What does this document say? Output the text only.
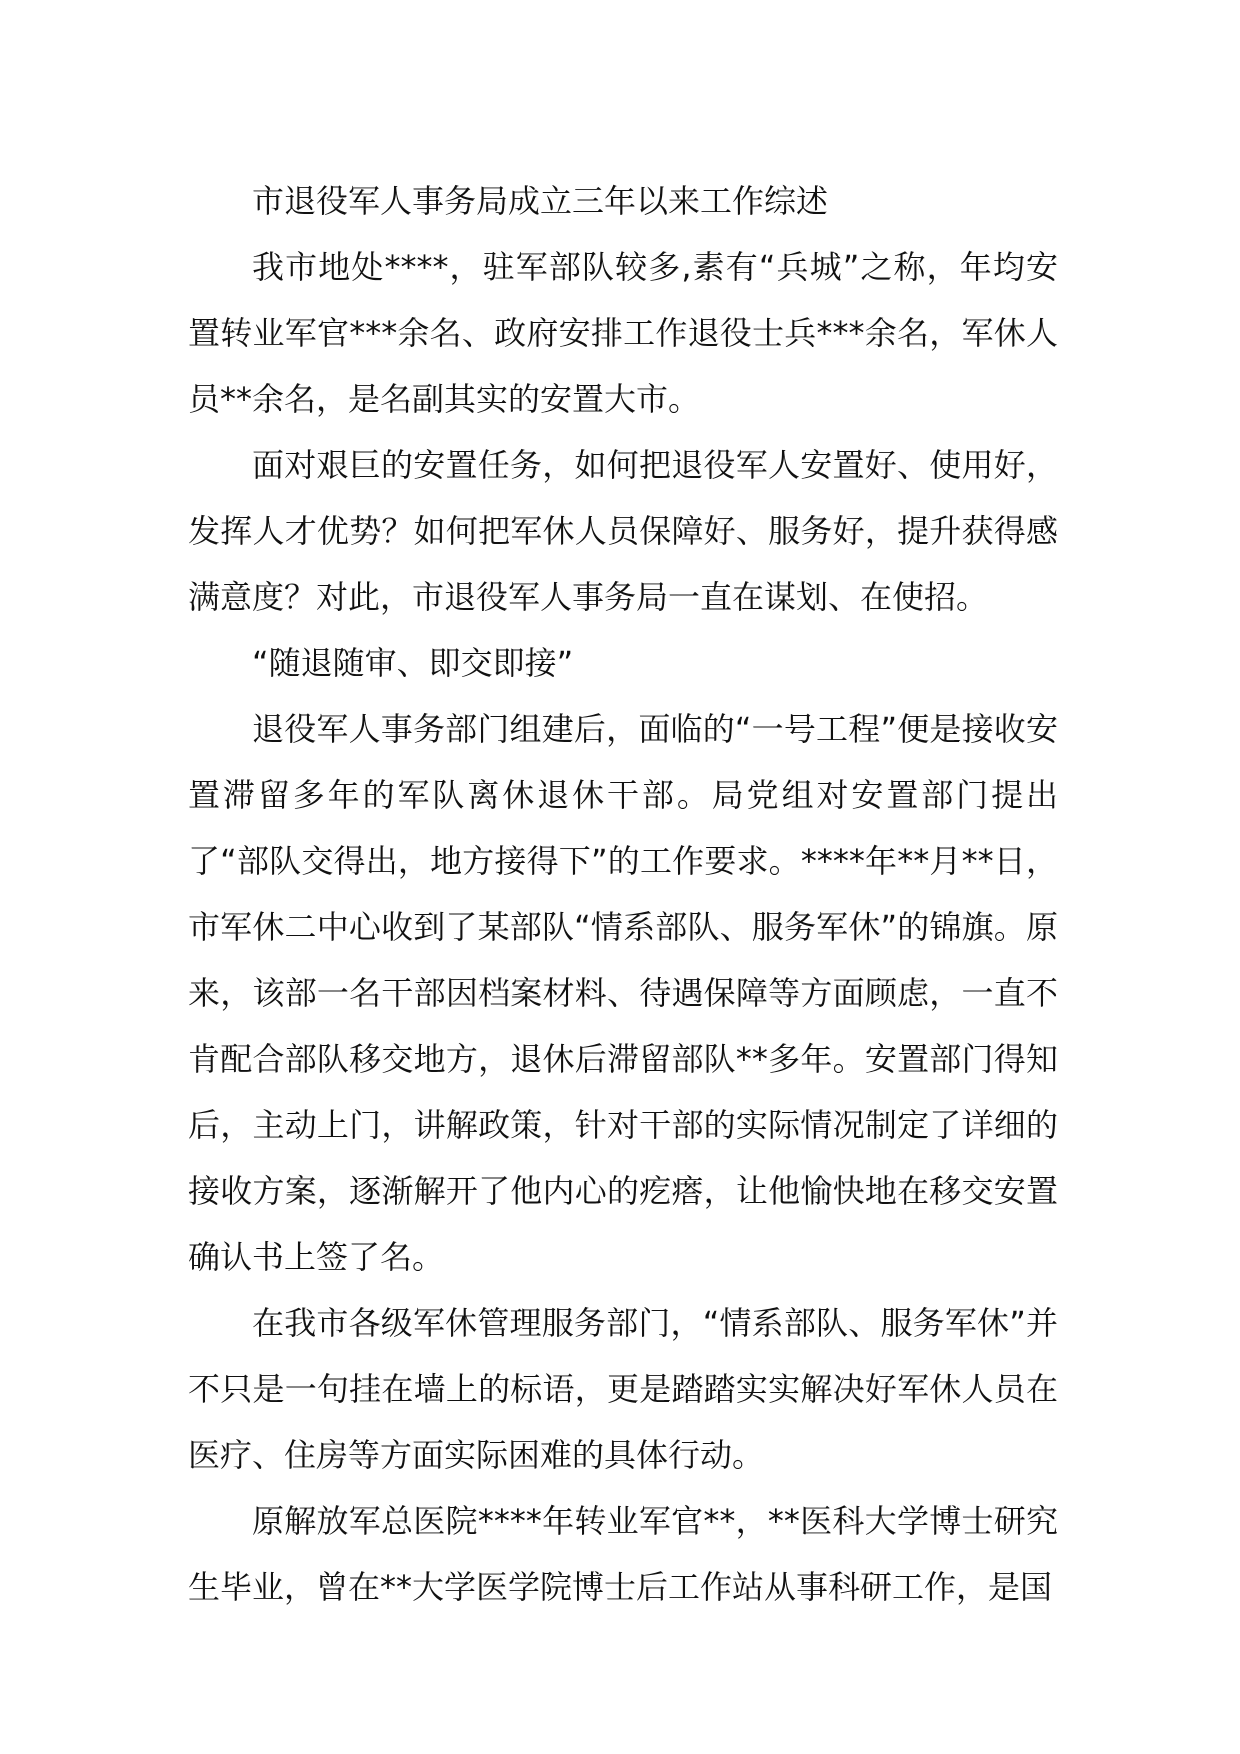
市退役军人事务局成立三年以来工作综述

我市地处****，驻军部队较多,素有“兵城”之称，年均安置转业军官***余名、政府安排工作退役士兵***余名，军休人员**余名，是名副其实的安置大市。

面对艰巨的安置任务，如何把退役军人安置好、使用好，发挥人才优势？如何把军休人员保障好、服务好，提升获得感满意度？对此，市退役军人事务局一直在谋划、在使招。

“随退随审、即交即接”

退役军人事务部门组建后，面临的“一号工程”便是接收安置滞留多年的军队离休退休干部。局党组对安置部门提出了“部队交得出，地方接得下”的工作要求。****年**月**日，市军休二中心收到了某部队“情系部队、服务军休”的锦旗。原来，该部一名干部因档案材料、待遇保障等方面顾虑，一直不肯配合部队移交地方，退休后滞留部队**多年。安置部门得知后，主动上门，讲解政策，针对干部的实际情况制定了详细的接收方案，逐渐解开了他内心的疙瘩，让他愉快地在移交安置确认书上签了名。

在我市各级军休管理服务部门，“情系部队、服务军休”并不只是一句挂在墙上的标语，更是踏踏实实解决好军休人员在医疗、住房等方面实际困难的具体行动。

原解放军总医院****年转业军官**，**医科大学博士研究生毕业，曾在**大学医学院博士后工作站从事科研工作，是国
